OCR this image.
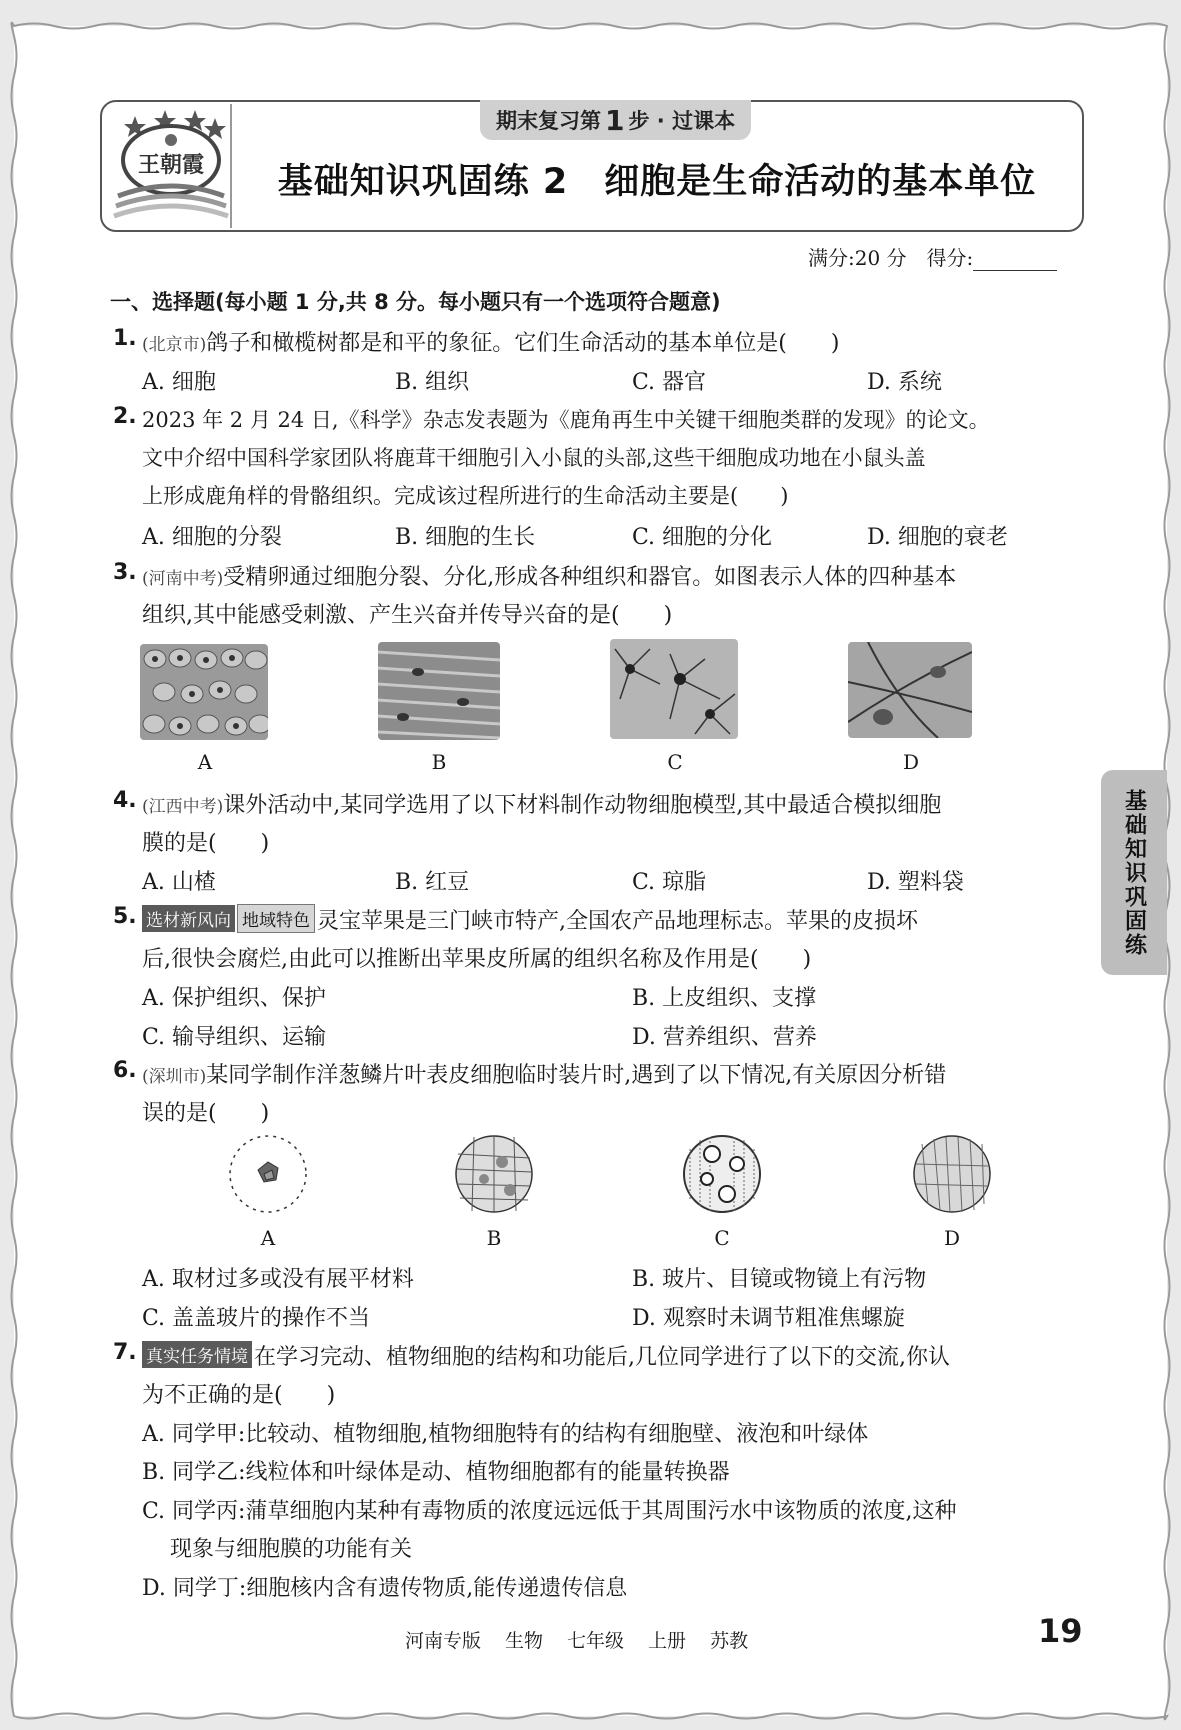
王朝霞
期末复习第 1 步 · 过课本
基础知识巩固练 2　细胞是生命活动的基本单位
满分:20 分 得分:
一、选择题(每小题 1 分,共 8 分。每小题只有一个选项符合题意)
1. (北京市)鸽子和橄榄树都是和平的象征。它们生命活动的基本单位是(　　)
A. 细胞	B. 组织	C. 器官	D. 系统
2. 2023 年 2 月 24 日,《科学》杂志发表题为《鹿角再生中关键干细胞类群的发现》的论文。
文中介绍中国科学家团队将鹿茸干细胞引入小鼠的头部,这些干细胞成功地在小鼠头盖
上形成鹿角样的骨骼组织。完成该过程所进行的生命活动主要是(　　)
A. 细胞的分裂	B. 细胞的生长	C. 细胞的分化	D. 细胞的衰老
3. (河南中考)受精卵通过细胞分裂、分化,形成各种组织和器官。如图表示人体的四种基本
组织,其中能感受刺激、产生兴奋并传导兴奋的是(　　)
A	B	C	D
4. (江西中考)课外活动中,某同学选用了以下材料制作动物细胞模型,其中最适合模拟细胞
膜的是(　　)
A. 山楂	B. 红豆	C. 琼脂	D. 塑料袋
5. 选材新风向 地域特色 灵宝苹果是三门峡市特产,全国农产品地理标志。苹果的皮损坏
后,很快会腐烂,由此可以推断出苹果皮所属的组织名称及作用是(　　)
A. 保护组织、保护	B. 上皮组织、支撑
C. 输导组织、运输	D. 营养组织、营养
6. (深圳市)某同学制作洋葱鳞片叶表皮细胞临时装片时,遇到了以下情况,有关原因分析错
误的是(　　)
A	B	C	D
A. 取材过多或没有展平材料	B. 玻片、目镜或物镜上有污物
C. 盖盖玻片的操作不当	D. 观察时未调节粗准焦螺旋
7. 真实任务情境 在学习完动、植物细胞的结构和功能后,几位同学进行了以下的交流,你认
为不正确的是(　　)
A. 同学甲:比较动、植物细胞,植物细胞特有的结构有细胞壁、液泡和叶绿体
B. 同学乙:线粒体和叶绿体是动、植物细胞都有的能量转换器
C. 同学丙:蒲草细胞内某种有毒物质的浓度远远低于其周围污水中该物质的浓度,这种
现象与细胞膜的功能有关
D. 同学丁:细胞核内含有遗传物质,能传递遗传信息
基础知识巩固练
河南专版 生物 七年级 上册 苏教	19
